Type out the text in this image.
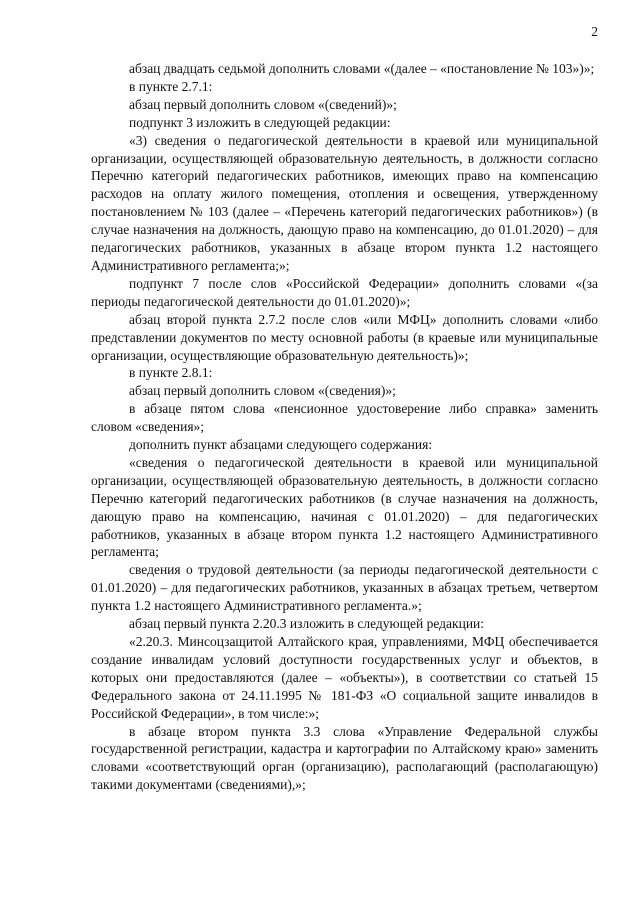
2

абзац двадцать седьмой дополнить словами «(далее – «постановление № 103»)»;

в пункте 2.7.1:

абзац первый дополнить словом «(сведений)»;

подпункт 3 изложить в следующей редакции:

«3) сведения о педагогической деятельности в краевой или муниципальной организации, осуществляющей образовательную деятельность, в должности согласно Перечню категорий педагогических работников, имеющих право на компенсацию расходов на оплату жилого помещения, отопления и освещения, утвержденному постановлением № 103 (далее – «Перечень категорий педагогических работников») (в случае назначения на должность, дающую право на компенсацию, до 01.01.2020) – для педагогических работников, указанных в абзаце втором пункта 1.2 настоящего Административного регламента;»;

подпункт 7 после слов «Российской Федерации» дополнить словами «(за периоды педагогической деятельности до 01.01.2020)»;

абзац второй пункта 2.7.2 после слов «или МФЦ» дополнить словами «либо представлении документов по месту основной работы (в краевые или муниципальные организации, осуществляющие образовательную деятельность)»;

в пункте 2.8.1:

абзац первый дополнить словом «(сведения)»;

в абзаце пятом слова «пенсионное удостоверение либо справка» заменить словом «сведения»;

дополнить пункт абзацами следующего содержания:

«сведения о педагогической деятельности в краевой или муниципальной организации, осуществляющей образовательную деятельность, в должности согласно Перечню категорий педагогических работников (в случае назначения на должность, дающую право на компенсацию, начиная с 01.01.2020) – для педагогических работников, указанных в абзаце втором пункта 1.2 настоящего Административного регламента;

сведения о трудовой деятельности (за периоды педагогической деятельности с 01.01.2020) – для педагогических работников, указанных в абзацах третьем, четвертом пункта 1.2 настоящего Административного регламента.»;

абзац первый пункта 2.20.3 изложить в следующей редакции:

«2.20.3. Минсоцзащитой Алтайского края, управлениями, МФЦ обеспечивается создание инвалидам условий доступности государственных услуг и объектов, в которых они предоставляются (далее – «объекты»), в соответствии со статьей 15 Федерального закона от 24.11.1995 № 181-ФЗ «О социальной защите инвалидов в Российской Федерации», в том числе:»;

в абзаце втором пункта 3.3 слова «Управление Федеральной службы государственной регистрации, кадастра и картографии по Алтайскому краю» заменить словами «соответствующий орган (организацию), располагающий (располагающую) такими документами (сведениями),»;
